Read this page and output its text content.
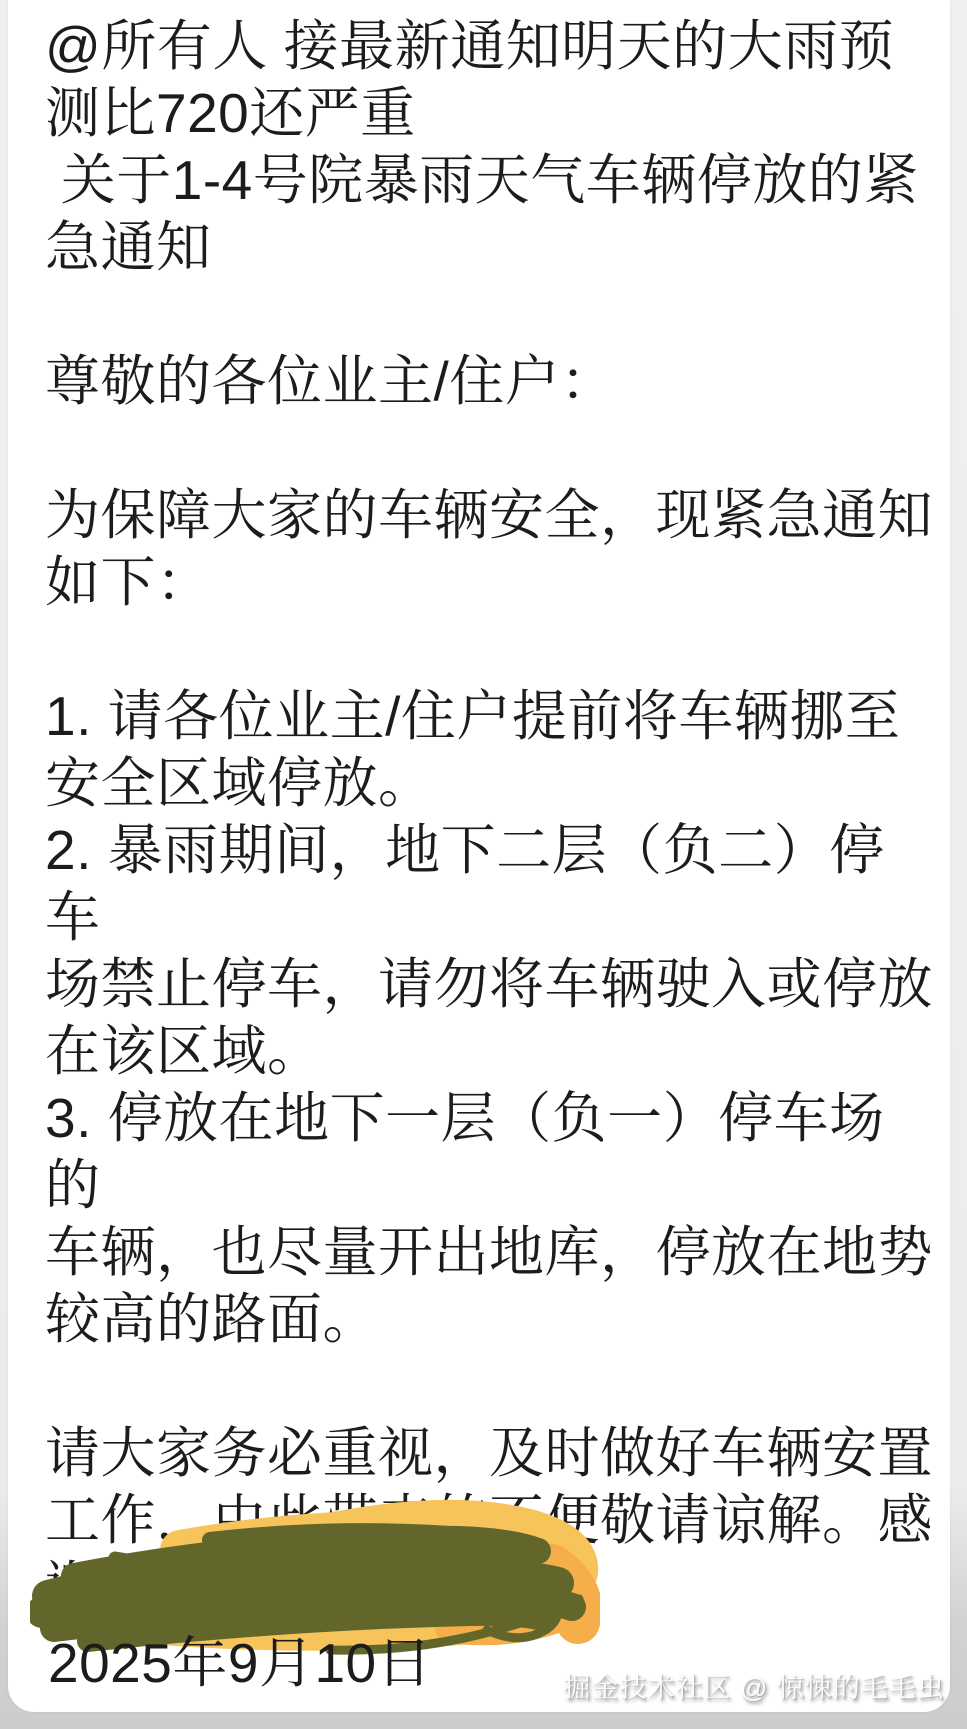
@所有人 接最新通知明天的大雨预
测比720还严重
关于1-4号院暴雨天气车辆停放的紧
急通知
尊敬的各位业主/住户：
为保障大家的车辆安全，现紧急通知
如下：
1. 请各位业主/住户提前将车辆挪至
安全区域停放。
2. 暴雨期间，地下二层（负二）停车
场禁止停车，请勿将车辆驶入或停放
在该区域。
3. 停放在地下一层（负一）停车场的
车辆，也尽量开出地库，停放在地势
较高的路面。
请大家务必重视，及时做好车辆安置
工作，由此带来的不便敬请谅解。感
谢您的配合与支持！
2025年9月10日	掘金技术社区 @ 惊悚的毛毛虫
